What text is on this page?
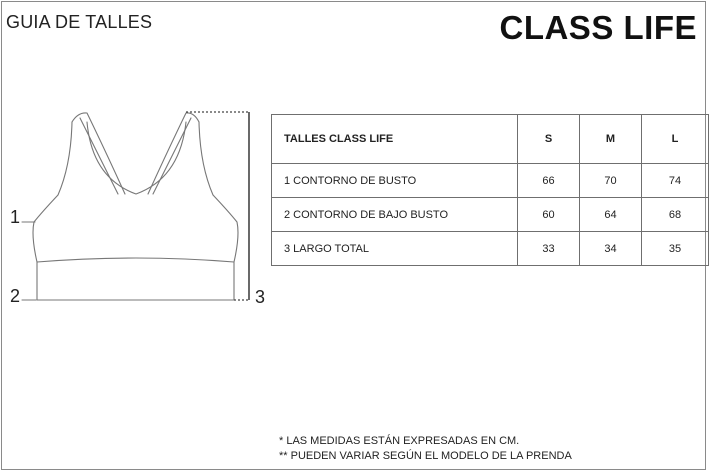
GUIA DE TALLES	CLASS LIFE
1
2	3
TALLES CLASS LIFE	S	M	L
1 CONTORNO DE BUSTO	66	70	74
2 CONTORNO DE BAJO BUSTO	60	64	68
3 LARGO TOTAL	33	34	35
* LAS MEDIDAS ESTÁN EXPRESADAS EN CM.
** PUEDEN VARIAR SEGÚN EL MODELO DE LA PRENDA
